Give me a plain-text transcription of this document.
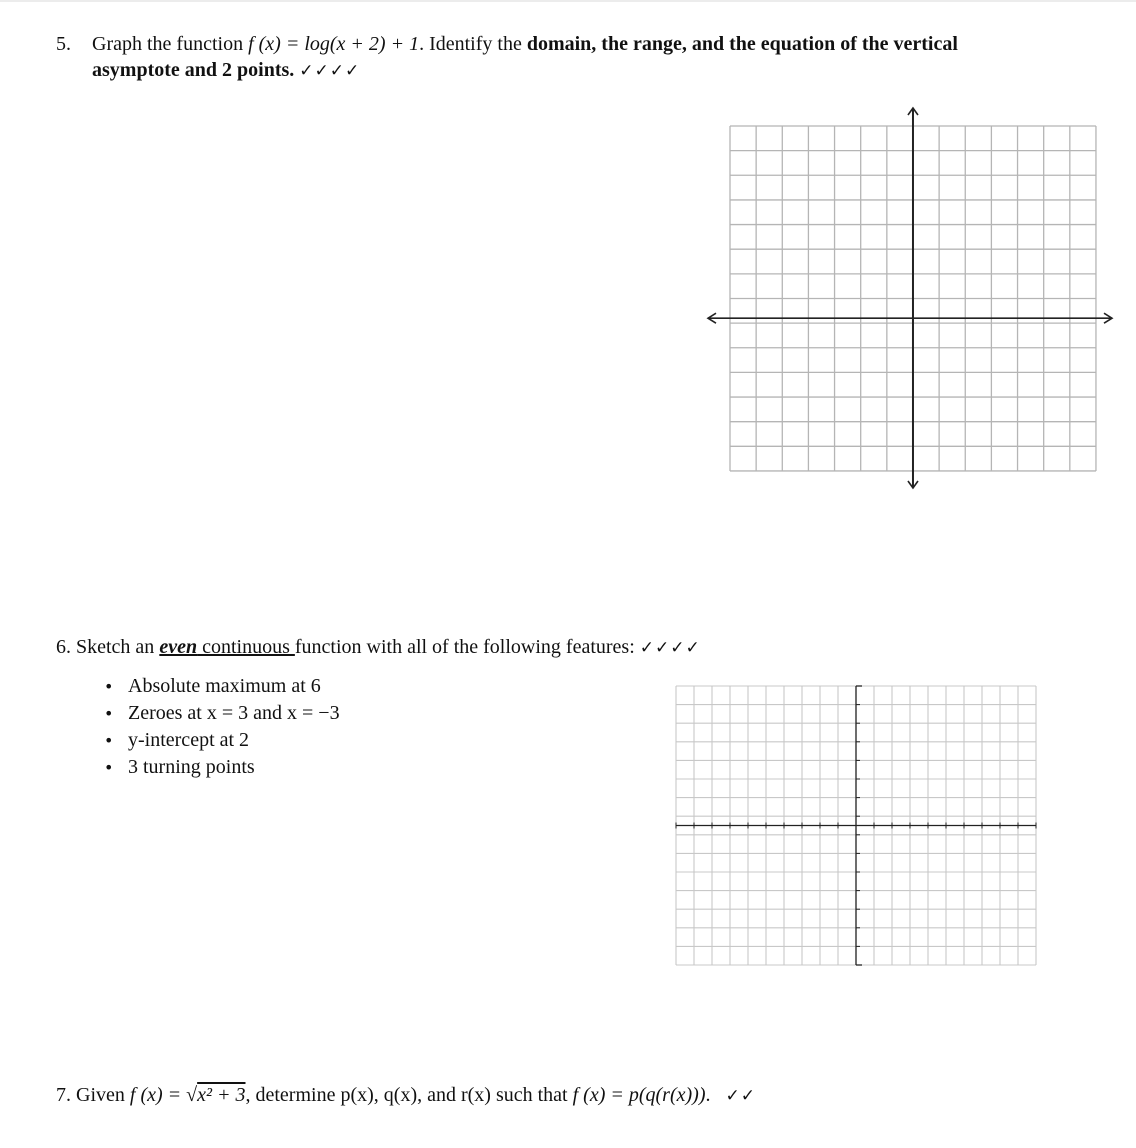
5. Graph the function f (x) = log(x + 2) + 1. Identify the domain, the range, and the equation of the vertical
asymptote and 2 points. ✓✓✓✓
6. Sketch an even continuous function with all of the following features: ✓✓✓✓
• Absolute maximum at 6
• Zeroes at x = 3 and x = −3
• y-intercept at 2
• 3 turning points
7. Given f (x) = √x² + 3, determine p(x), q(x), and r(x) such that f (x) = p(q(r(x))). ✓✓
